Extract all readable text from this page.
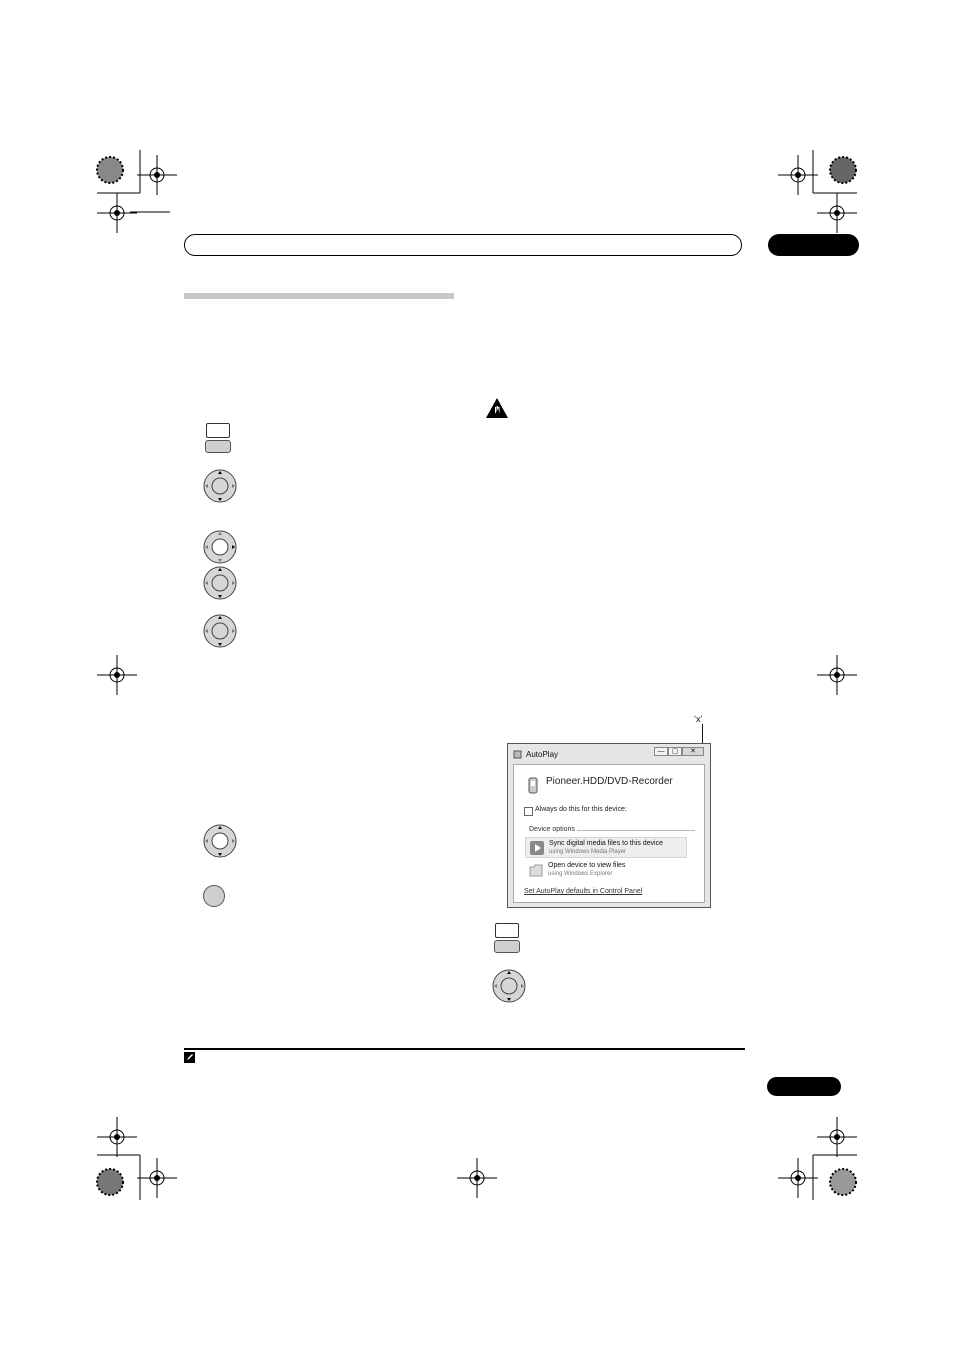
‘x’
AutoPlay	—	▢	✕
Pioneer.HDD/DVD-Recorder
Always do this for this device:
Device options
Sync digital media files to this device
using Windows Media Player
Open device to view files
using Windows Explorer
Set AutoPlay defaults in Control Panel
